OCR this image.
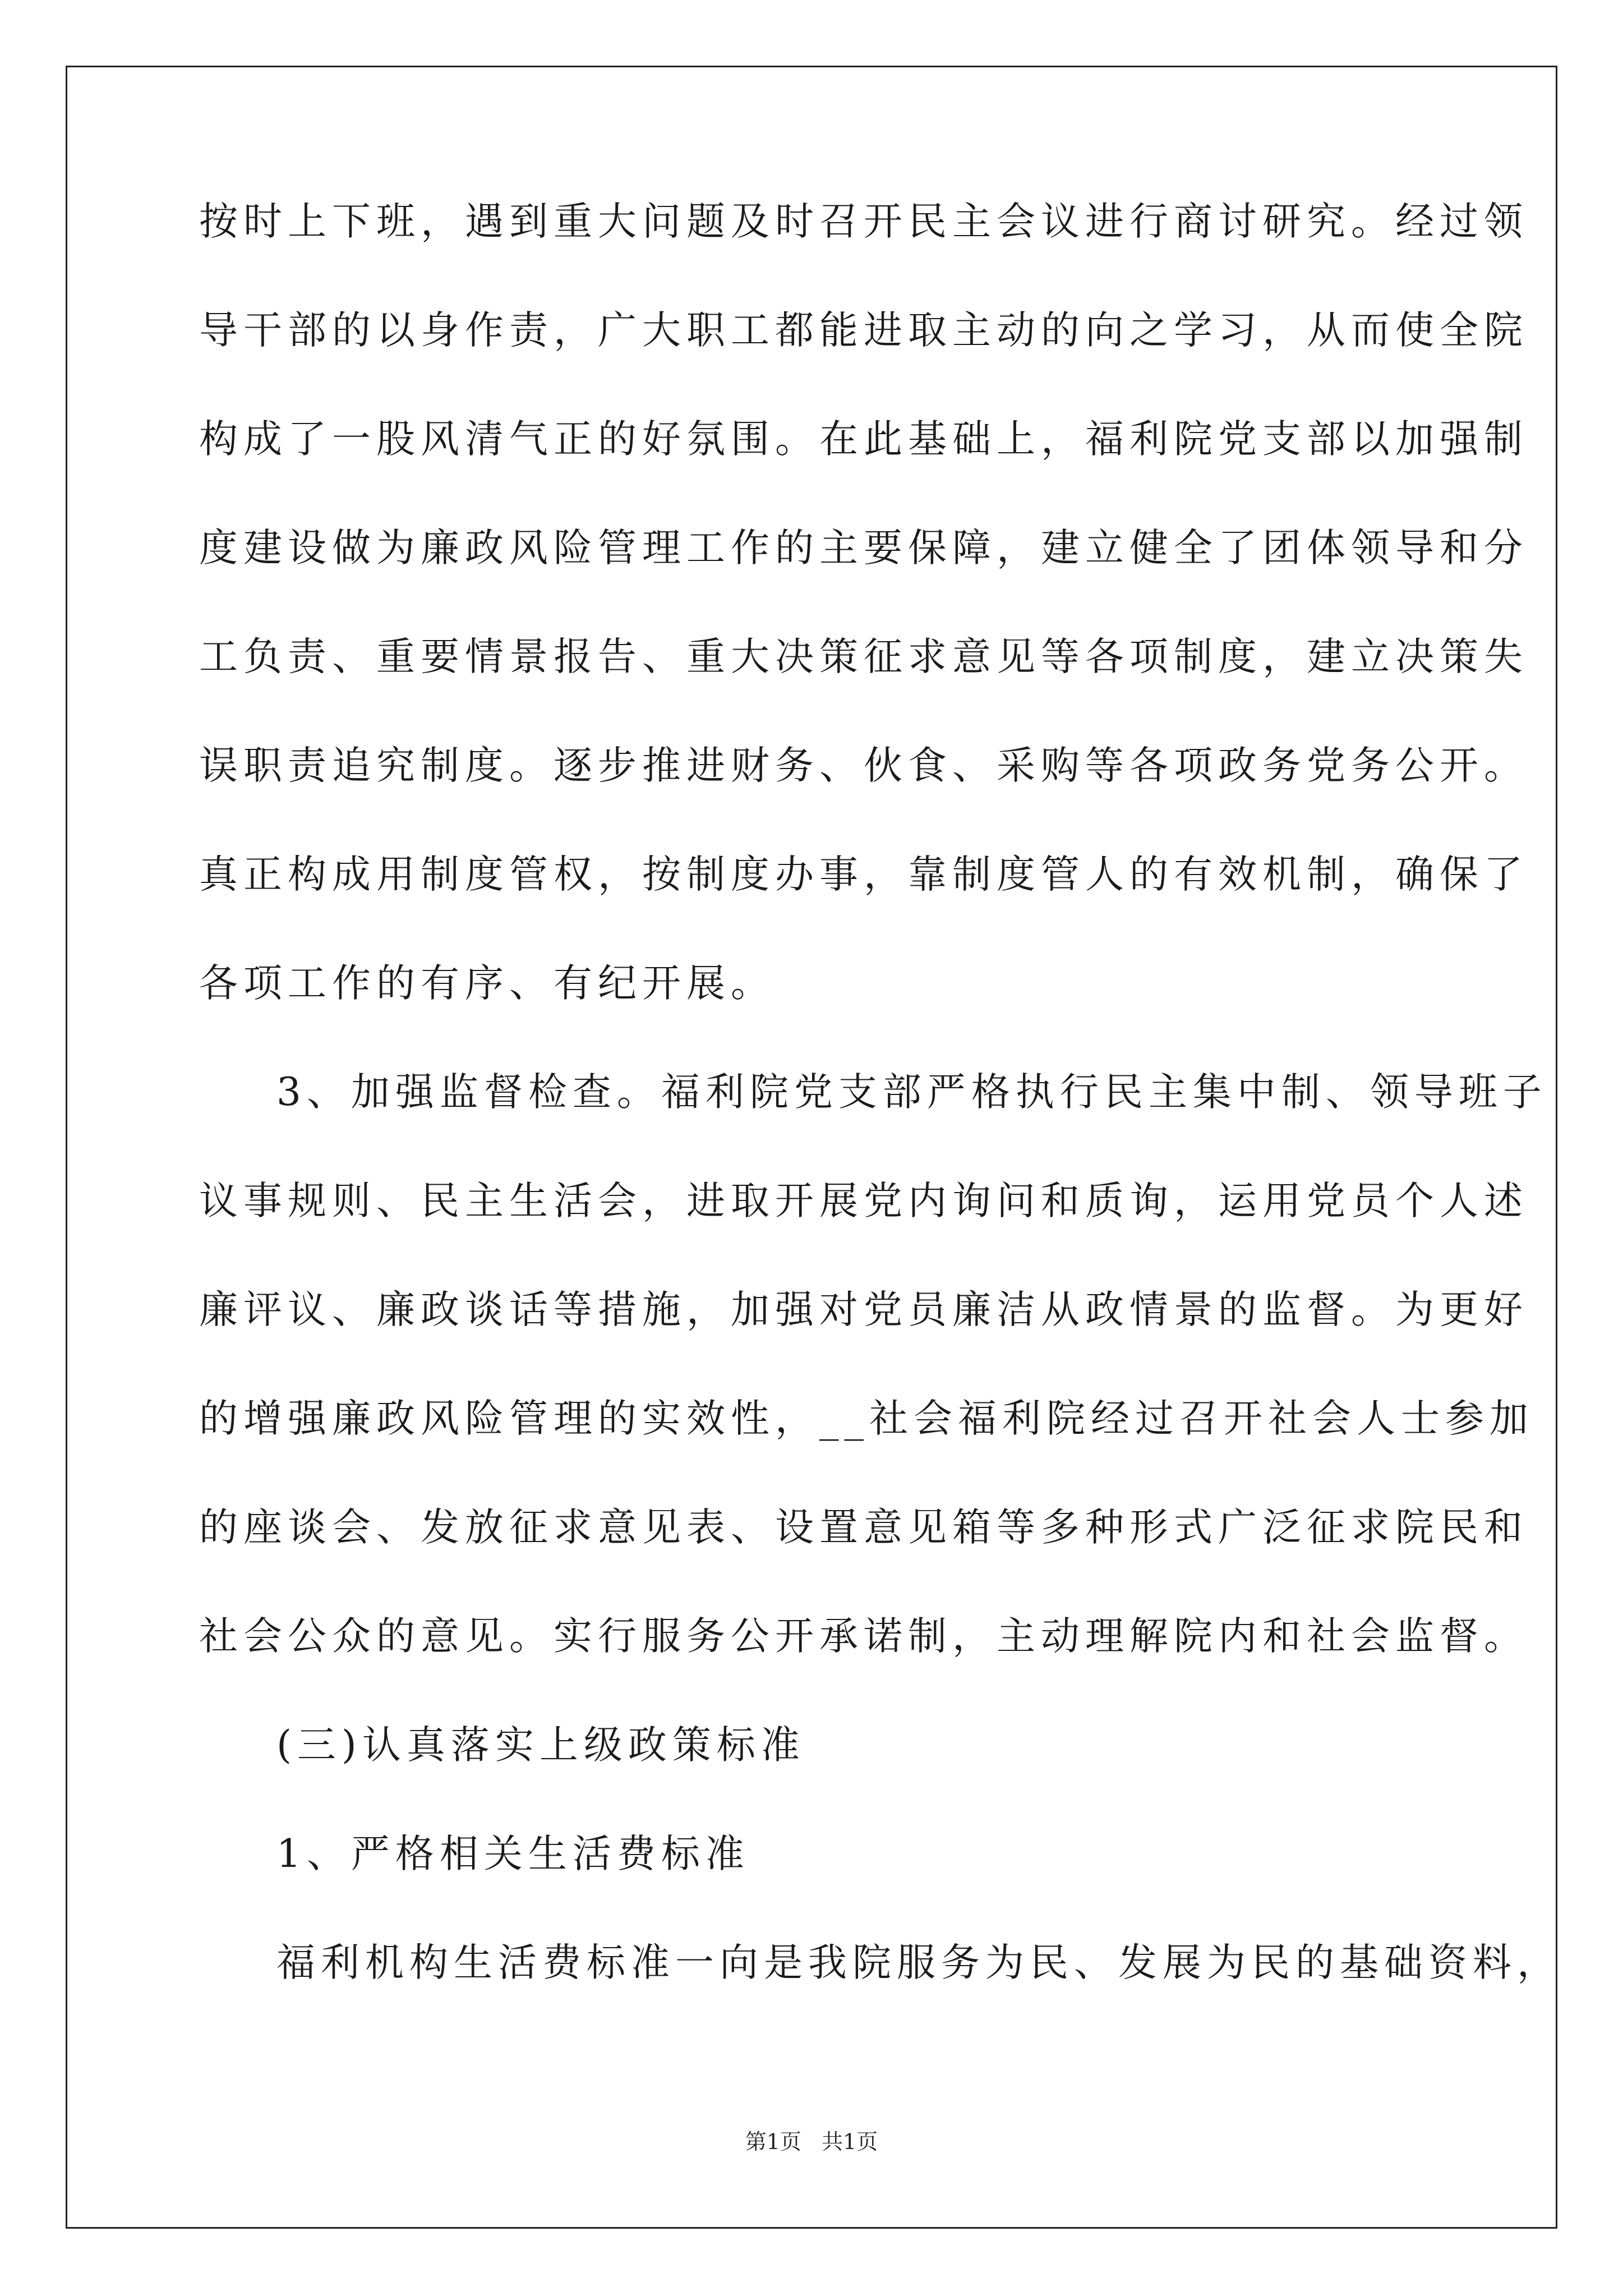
按时上下班，遇到重大问题及时召开民主会议进行商讨研究。经过领
导干部的以身作责，广大职工都能进取主动的向之学习，从而使全院
构成了一股风清气正的好氛围。在此基础上，福利院党支部以加强制
度建设做为廉政风险管理工作的主要保障，建立健全了团体领导和分
工负责、重要情景报告、重大决策征求意见等各项制度，建立决策失
误职责追究制度。逐步推进财务、伙食、采购等各项政务党务公开。
真正构成用制度管权，按制度办事，靠制度管人的有效机制，确保了
各项工作的有序、有纪开展。
3、加强监督检查。福利院党支部严格执行民主集中制、领导班子
议事规则、民主生活会，进取开展党内询问和质询，运用党员个人述
廉评议、廉政谈话等措施，加强对党员廉洁从政情景的监督。为更好
的增强廉政风险管理的实效性，__社会福利院经过召开社会人士参加
的座谈会、发放征求意见表、设置意见箱等多种形式广泛征求院民和
社会公众的意见。实行服务公开承诺制，主动理解院内和社会监督。
(三)认真落实上级政策标准
1、严格相关生活费标准
福利机构生活费标准一向是我院服务为民、发展为民的基础资料，
第1页   共1页
